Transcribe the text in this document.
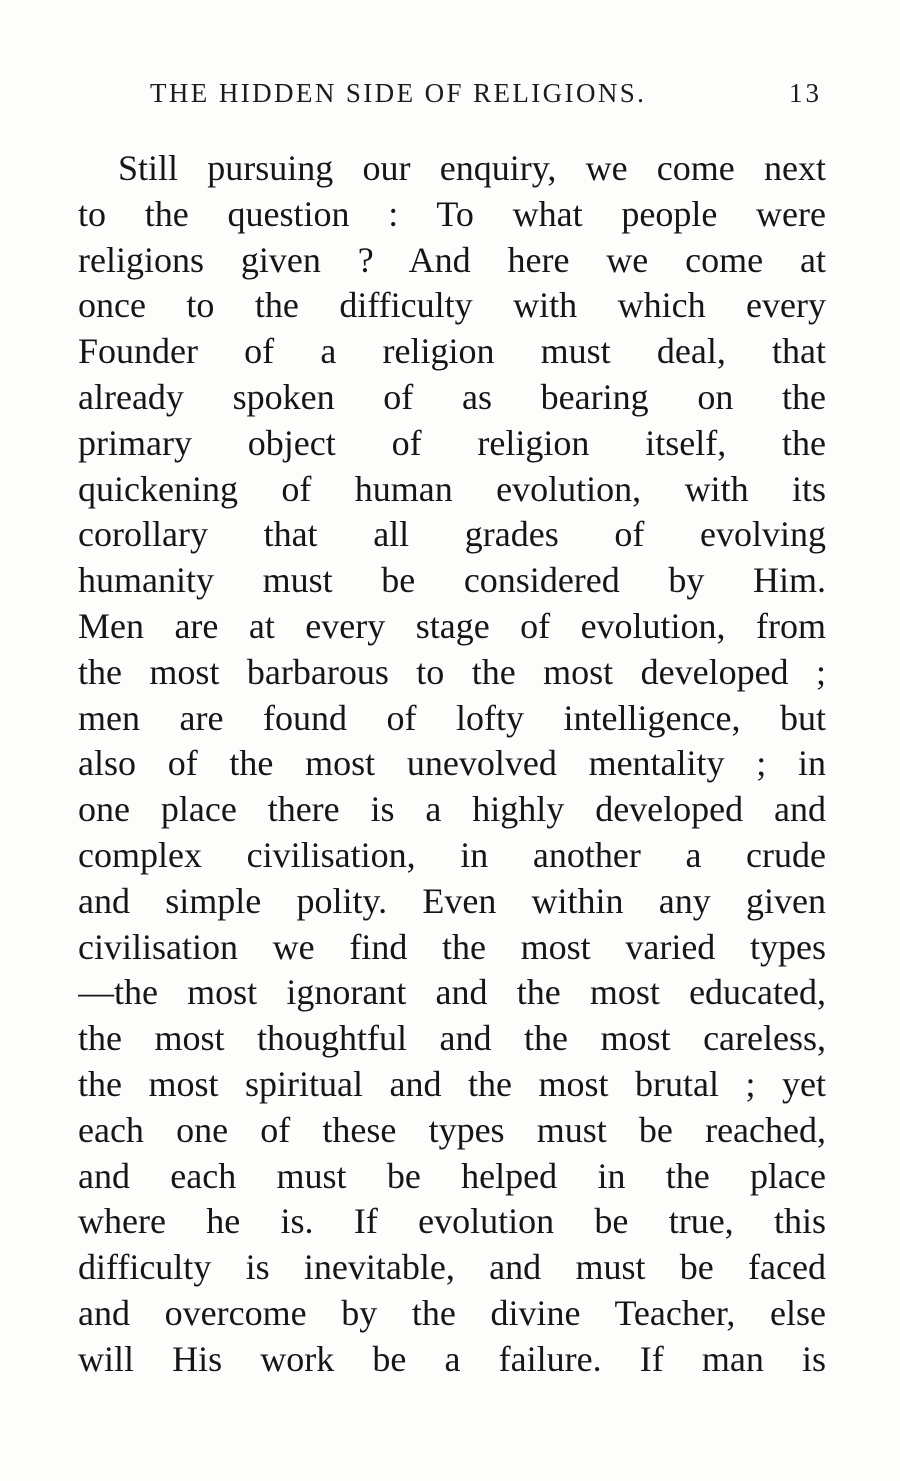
THE HIDDEN SIDE OF RELIGIONS.	13
Still pursuing our enquiry, we come next
to the question : To what people were
religions given ? And here we come at
once to the difficulty with which every
Founder of a religion must deal, that
already spoken of as bearing on the
primary object of religion itself, the
quickening of human evolution, with its
corollary that all grades of evolving
humanity must be considered by Him.
Men are at every stage of evolution, from
the most barbarous to the most developed ;
men are found of lofty intelligence, but
also of the most unevolved mentality ; in
one place there is a highly developed and
complex civilisation, in another a crude
and simple polity. Even within any given
civilisation we find the most varied types
—the most ignorant and the most educated,
the most thoughtful and the most careless,
the most spiritual and the most brutal ; yet
each one of these types must be reached,
and each must be helped in the place
where he is. If evolution be true, this
difficulty is inevitable, and must be faced
and overcome by the divine Teacher, else
will His work be a failure. If man is
